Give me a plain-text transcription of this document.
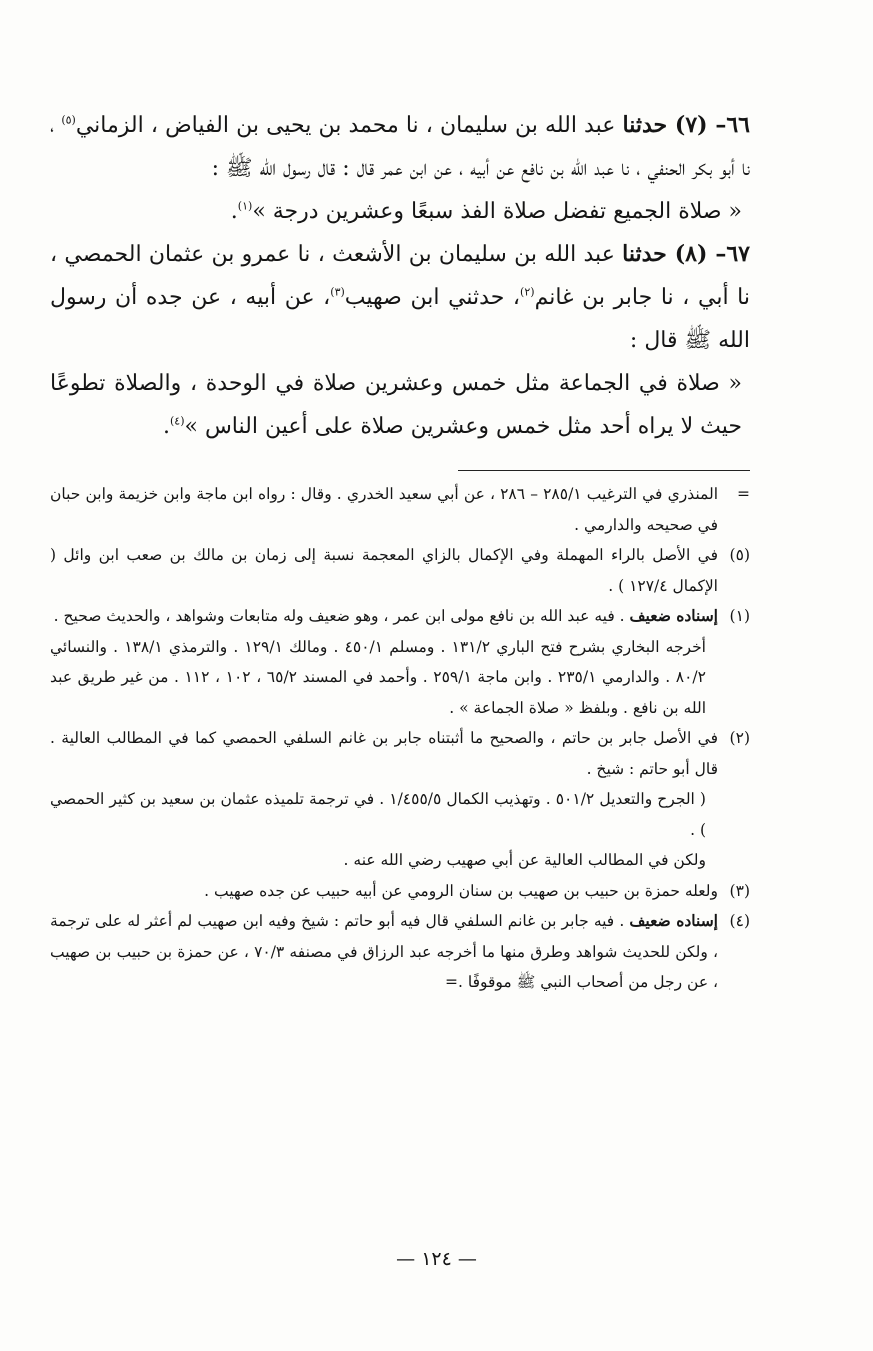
٦٦– (٧) حدثنا عبد الله بن سليمان ، نا محمد بن يحيى بن الفياض ، الزماني$^{(٥)}$ ، نا أبو بكر الحنفي ، نا عبد الله بن نافع عن أبيه ، عن ابن عمر قال : قال رسول الله ﷺ :

« صلاة الجميع تفضل صلاة الفذ سبعًا وعشرين درجة »$^{(١)}$.

٦٧– (٨) حدثنا عبد الله بن سليمان بن الأشعث ، نا عمرو بن عثمان الحمصي ، نا أبي ، نا جابر بن غانم$^{(٢)}$، حدثني ابن صهيب$^{(٣)}$، عن أبيه ، عن جده أن رسول الله ﷺ قال :

« صلاة في الجماعة مثل خمس وعشرين صلاة في الوحدة ، والصلاة تطوعًا حيث لا يراه أحد مثل خمس وعشرين صلاة على أعين الناس »$^{(٤)}$.

=

المنذري في الترغيب ٢٨٥/١ – ٢٨٦ ، عن أبي سعيد الخدري . وقال : رواه ابن ماجة وابن خزيمة وابن حبان في صحيحه والدارمي .

(٥)

في الأصل بالراء المهملة وفي الإكمال بالزاي المعجمة نسبة إلى زمان بن مالك بن صعب ابن وائل ( الإكمال ١٢٧/٤ ) .

(١)

إسناده ضعيف . فيه عبد الله بن نافع مولى ابن عمر ، وهو ضعيف وله متابعات وشواهد ، والحديث صحيح .

أخرجه البخاري بشرح فتح الباري ١٣١/٢ . ومسلم ٤٥٠/١ . ومالك ١٢٩/١ . والترمذي ١٣٨/١ . والنسائي ٨٠/٢ . والدارمي ٢٣٥/١ . وابن ماجة ٢٥٩/١ . وأحمد في المسند ٦٥/٢ ، ١٠٢ ، ١١٢ . من غير طريق عبد الله بن نافع . وبلفظ « صلاة الجماعة » .

(٢)

في الأصل جابر بن حاتم ، والصحيح ما أثبتناه جابر بن غانم السلفي الحمصي كما في المطالب العالية . قال أبو حاتم : شيخ .

( الجرح والتعديل ٥٠١/٢ . وتهذيب الكمال ١/٤٥٥/٥ . في ترجمة تلميذه عثمان بن سعيد بن كثير الحمصي ) .

ولكن في المطالب العالية عن أبي صهيب رضي الله عنه .

(٣)

ولعله حمزة بن حبيب بن صهيب بن سنان الرومي عن أبيه حبيب عن جده صهيب .

(٤)

إسناده ضعيف . فيه جابر بن غانم السلفي قال فيه أبو حاتم : شيخ وفيه ابن صهيب لم أعثر له على ترجمة ، ولكن للحديث شواهد وطرق منها ما أخرجه عبد الرزاق في مصنفه ٧٠/٣ ، عن حمزة بن حبيب بن صهيب ، عن رجل من أصحاب النبي ﷺ موقوفًا .=

— ١٢٤ —
